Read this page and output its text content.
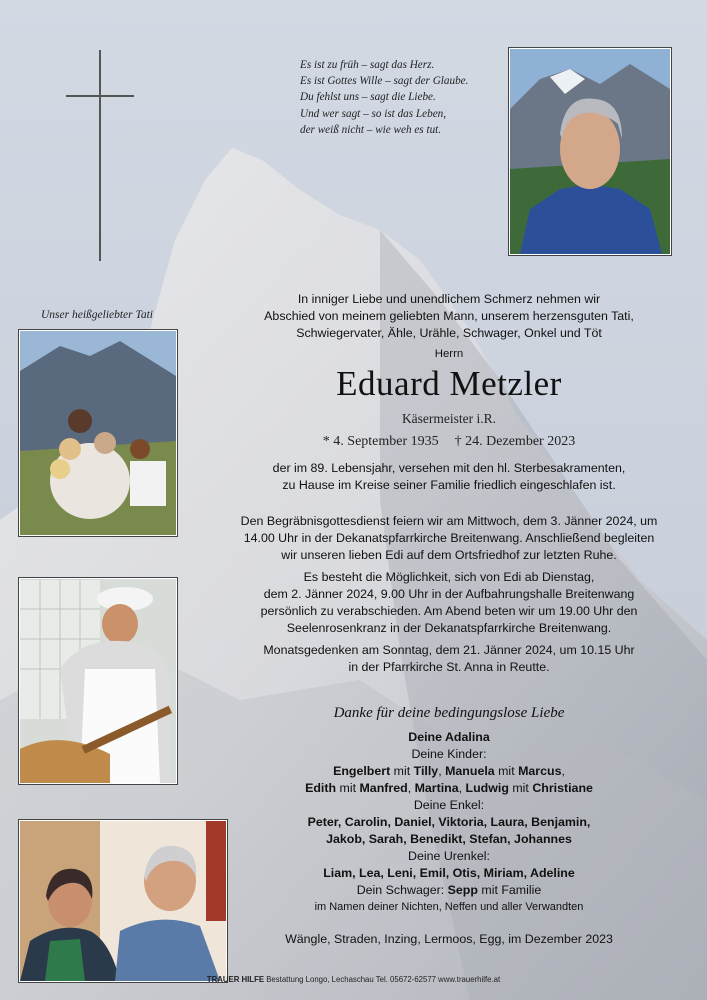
Es ist zu früh – sagt das Herz.
Es ist Gottes Wille – sagt der Glaube.
Du fehlst uns – sagt die Liebe.
Und wer sagt – so ist das Leben,
der weiß nicht – wie weh es tut.
Unser heißgeliebter Tati
In inniger Liebe und unendlichem Schmerz nehmen wir
Abschied von meinem geliebten Mann, unserem herzensguten Tati,
Schwiegervater, Ähle, Urähle, Schwager, Onkel und Töt
Herrn
Eduard Metzler
Käsermeister i.R.
* 4. September 1935 † 24. Dezember 2023
der im 89. Lebensjahr, versehen mit den hl. Sterbesakramenten,
zu Hause im Kreise seiner Familie friedlich eingeschlafen ist.
Den Begräbnisgottesdienst feiern wir am Mittwoch, dem 3. Jänner 2024, um
14.00 Uhr in der Dekanatspfarrkirche Breitenwang. Anschließend begleiten
wir unseren lieben Edi auf dem Ortsfriedhof zur letzten Ruhe.
Es besteht die Möglichkeit, sich von Edi ab Dienstag,
dem 2. Jänner 2024, 9.00 Uhr in der Aufbahrungshalle Breitenwang
persönlich zu verabschieden. Am Abend beten wir um 19.00 Uhr den
Seelenrosenkranz in der Dekanatspfarrkirche Breitenwang.
Monatsgedenken am Sonntag, dem 21. Jänner 2024, um 10.15 Uhr
in der Pfarrkirche St. Anna in Reutte.
Danke für deine bedingungslose Liebe
Deine Adalina
Deine Kinder:
Engelbert mit Tilly, Manuela mit Marcus,
Edith mit Manfred, Martina, Ludwig mit Christiane
Deine Enkel:
Peter, Carolin, Daniel, Viktoria, Laura, Benjamin,
Jakob, Sarah, Benedikt, Stefan, Johannes
Deine Urenkel:
Liam, Lea, Leni, Emil, Otis, Miriam, Adeline
Dein Schwager: Sepp mit Familie
im Namen deiner Nichten, Neffen und aller Verwandten
Wängle, Straden, Inzing, Lermoos, Egg, im Dezember 2023
TRAUER HILFE Bestattung Longo, Lechaschau Tel. 05672-62577 www.trauerhilfe.at
